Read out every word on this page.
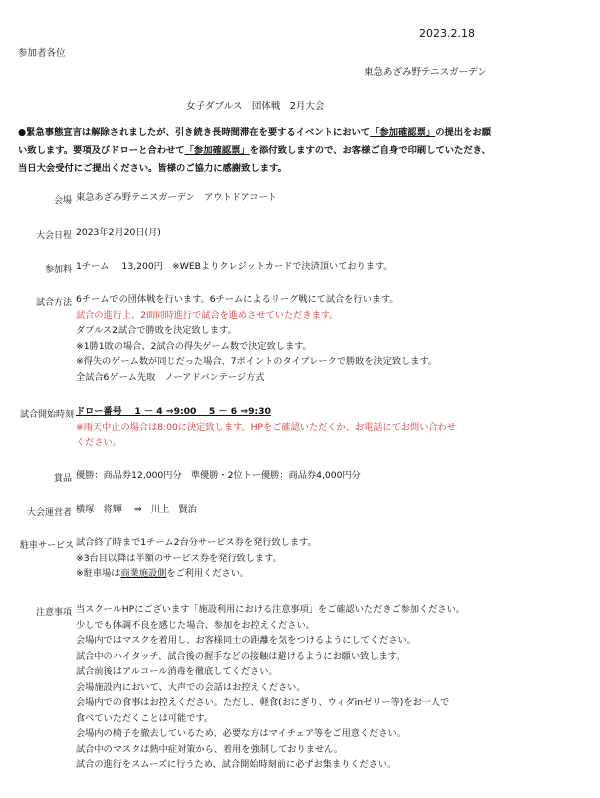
2023.2.18
参加者各位
東急あざみ野テニスガーデン
女子ダブルス　団体戦　2月大会
●緊急事態宣言は解除されましたが、引き続き長時間滞在を要するイベントにおいて「参加確認票」の提出をお願い致します。要項及びドローと合わせて「参加確認票」を添付致しますので、お客様ご自身で印刷していただき、当日大会受付にご提出ください。皆様のご協力に感謝致します。
会場 東急あざみ野テニスガーデン　アウトドアコート
大会日程 2023年2月20日(月)
参加料 1チーム　 13,200円　※WEBよりクレジットカードで決済頂いております。
試合方法 6チームでの団体戦を行います。6チームによるリーグ戦にて試合を行います。
試合の進行上、2面同時進行で試合を進めさせていただきます。
ダブルス2試合で勝敗を決定致します。
※1勝1敗の場合、2試合の得失ゲーム数で決定致します。
※得失のゲーム数が同じだった場合、7ポイントのタイブレークで勝敗を決定致します。
全試合6ゲーム先取　ノーアドバンテージ方式
試合開始時刻 ドロー番号　 1 － 4 ⇒9:00　 5 － 6 ⇒9:30
※雨天中止の場合は8:00に決定致します。HPをご確認いただくか、お電話にてお問い合わせ
ください。
賞品 優勝：商品券12,000円分　準優勝・2位トー優勝：商品券4,000円分
大会運営者 横塚　将輝　 ⇒　川上　賢治
駐車サービス 試合終了時まで1チーム2台分サービス券を発行致します。
※3台目以降は半額のサービス券を発行致します。
※駐車場は商業施設側をご利用ください。
注意事項 当スクールHPにございます「施設利用における注意事項」をご確認いただきご参加ください。
少しでも体調不良を感じた場合、参加をお控えください。
会場内ではマスクを着用し、お客様同士の距離を気をつけるようにしてください。
試合中のハイタッチ、試合後の握手などの接触は避けるようにお願い致します。
試合前後はアルコール消毒を徹底してください。
会場施設内において、大声での会話はお控えください。
会場内での食事はお控えください。ただし、軽食(おにぎり、ウィダinゼリー等)をお一人で
食べていただくことは可能です。
会場内の椅子を撤去しているため、必要な方はマイチェア等をご用意ください。
試合中のマスクは熱中症対策から、着用を強制しておりません。
試合の進行をスムーズに行うため、試合開始時刻前に必ずお集まりください。
